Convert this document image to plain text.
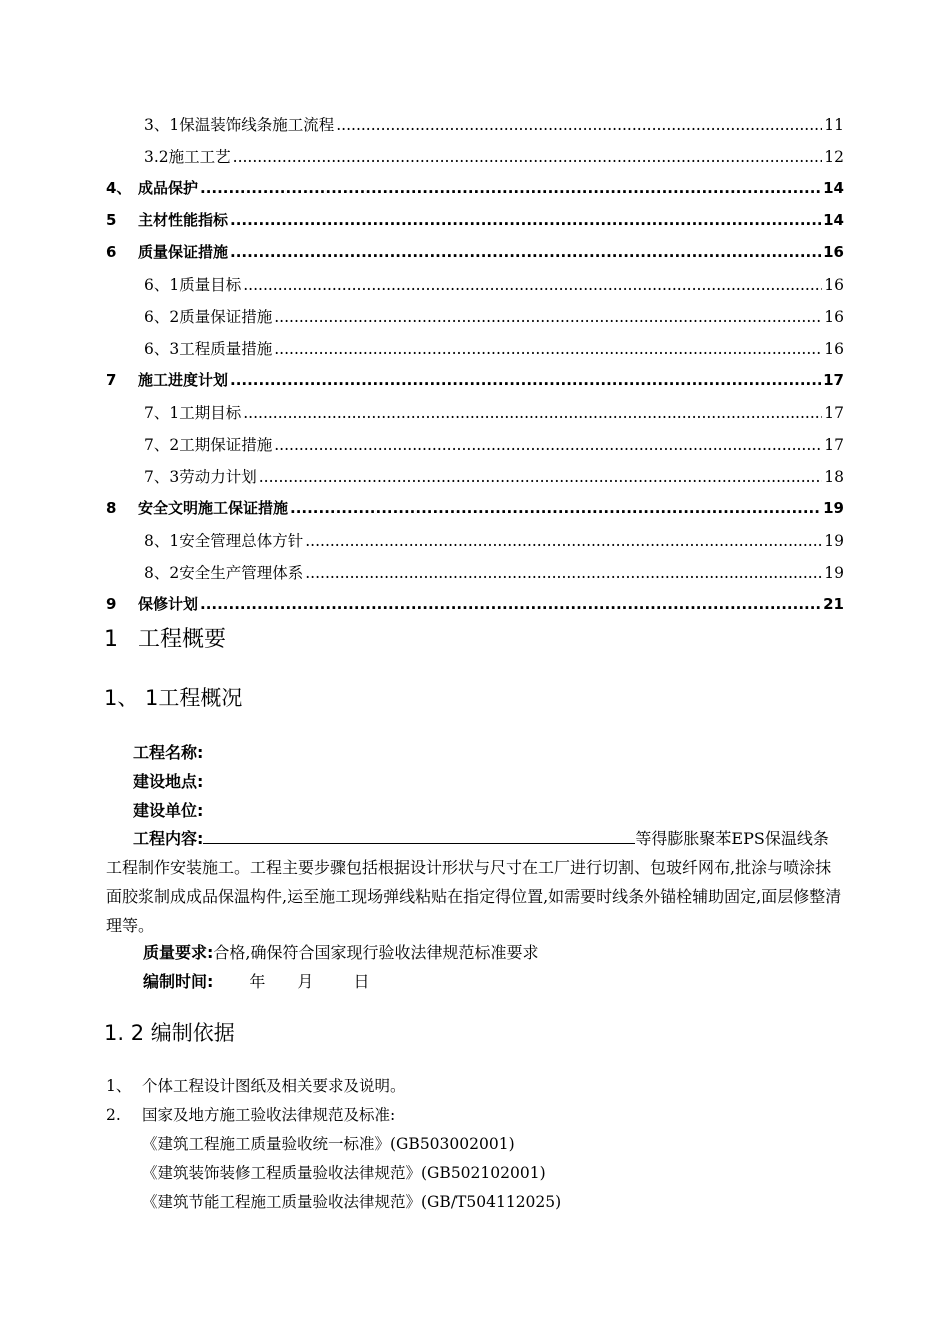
3、1保温装饰线条施工流程 .....	11
3.2施工工艺 .....	12
4、 成品保护 .....	14
5	主材性能指标 .....	14
6	质量保证措施 .....	16
6、1质量目标 .....	16
6、2质量保证措施 .....	16
6、3工程质量措施 .....	16
7	施工进度计划 .....	17
7、1工期目标 .....	17
7、2工期保证措施 .....	17
7、3劳动力计划 .....	18
8	安全文明施工保证措施 .....	19
8、1安全管理总体方针 .....	19
8、2安全生产管理体系 .....	19
9	保修计划 .....	21
1 工程概要
1、 1工程概况
工程名称:
建设地点:
建设单位:
工程内容:	等得膨胀聚苯EPS保温线条工程制作安装施工。工程主要步骤包括根据设计形状与尺寸在工厂进行切割、包玻纤网布,批涂与喷涂抹面胶浆制成成品保温构件,运至施工现场弹线粘贴在指定得位置,如需要时线条外锚栓辅助固定,面层修整清理等。
质量要求:合格,确保符合国家现行验收法律规范标准要求
编制时间: 年 月	日
1. 2 编制依据
1、 个体工程设计图纸及相关要求及说明。
2. 国家及地方施工验收法律规范及标准:
《建筑工程施工质量验收统一标准》(GB503002001)
《建筑装饰装修工程质量验收法律规范》(GB502102001)
《建筑节能工程施工质量验收法律规范》(GB/T504112025)
